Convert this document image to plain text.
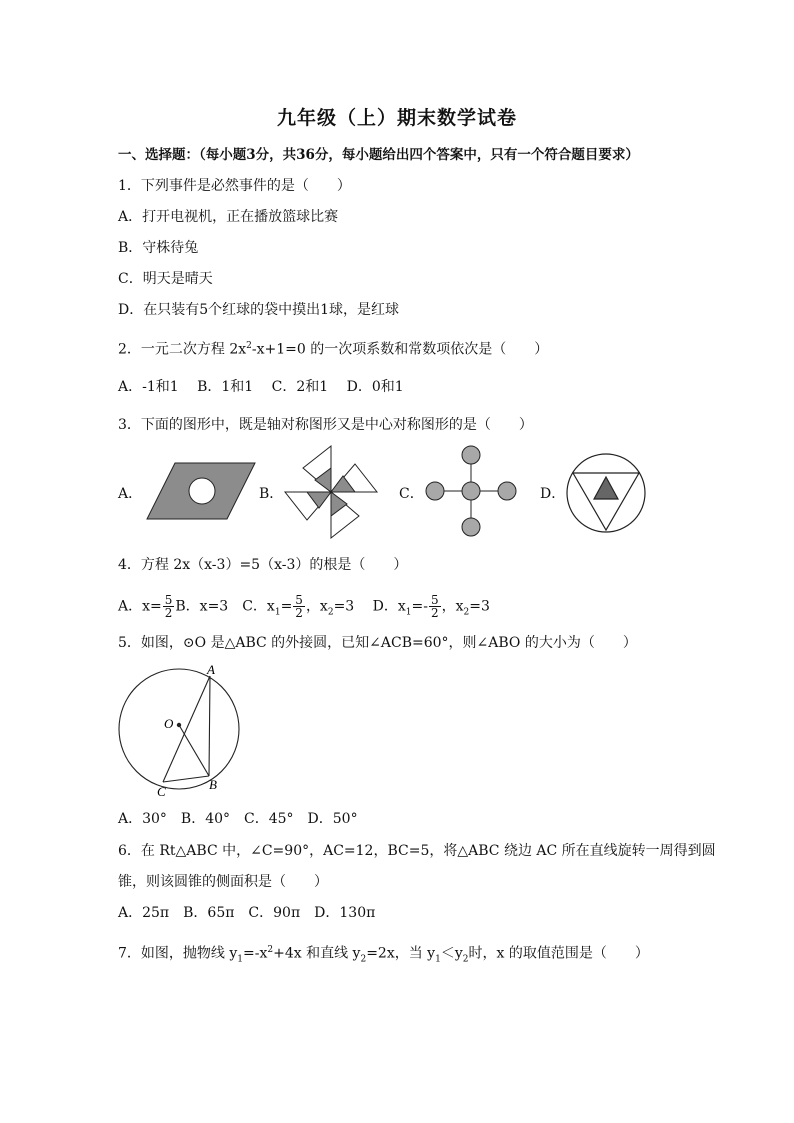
九年级（上）期末数学试卷
一、选择题：（每小题3分，共36分，每小题给出四个答案中，只有一个符合题目要求）
1．下列事件是必然事件的是（　　）
A．打开电视机，正在播放篮球比赛
B．守株待兔
C．明天是晴天
D．在只装有5个红球的袋中摸出1球，是红球
2．一元二次方程 $2x^2-x+1=0$ 的一次项系数和常数项依次是（　　）
A．-1和1　 B．1和1　 C．2和1　 D．0和1
3．下面的图形中，既是轴对称图形又是中心对称图形的是（　　）
A．	B．	C．	D．
4．方程 2x（x-3）=5（x-3）的根是（　　）
A．$x= \frac{5}{2}$ B．x=3　C．$x_1= \frac{5}{2}$ ，$x_2=3$　 D．$x_1=- \frac{5}{2}$ ，$x_2=3$
5．如图，⊙O 是△ABC 的外接圆，已知∠ACB=60°，则∠ABO 的大小为（　　）
A
O
B
C
A．30°　B．40°　C．45°　D．50°
6．在 Rt△ABC 中，∠C=90°，AC=12，BC=5，将△ABC 绕边 AC 所在直线旋转一周得到圆
锥，则该圆锥的侧面积是（　　）
A．25π　B．65π　C．90π　D．130π
7．如图，抛物线 $y_1=-x^2+4x$ 和直线 $y_2=2x$，当 $y_1<y_2$时，x 的取值范围是（　　）
